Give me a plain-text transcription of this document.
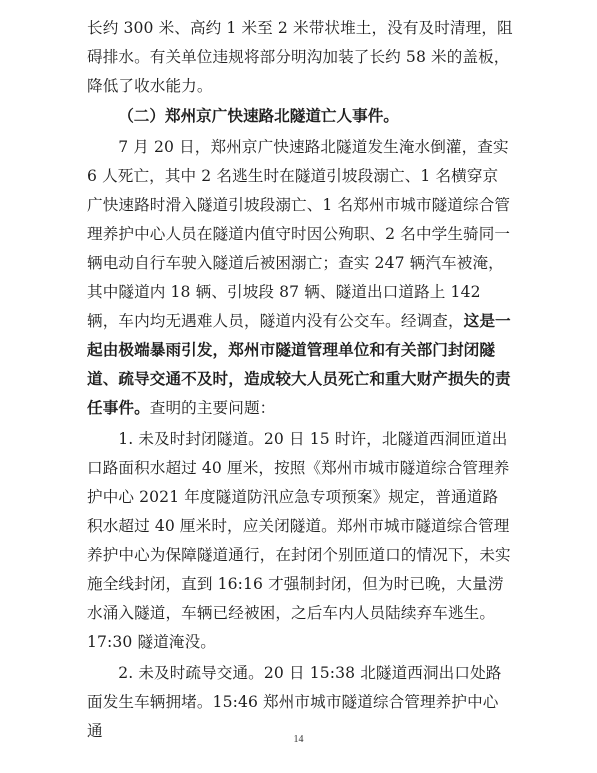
长约 300 米、高约 1 米至 2 米带状堆土，没有及时清理，阻碍排水。有关单位违规将部分明沟加装了长约 58 米的盖板，降低了收水能力。

（二）郑州京广快速路北隧道亡人事件。

7 月 20 日，郑州京广快速路北隧道发生淹水倒灌，查实 6 人死亡，其中 2 名逃生时在隧道引坡段溺亡、1 名横穿京广快速路时滑入隧道引坡段溺亡、1 名郑州市城市隧道综合管理养护中心人员在隧道内值守时因公殉职、2 名中学生骑同一辆电动自行车驶入隧道后被困溺亡；查实 247 辆汽车被淹，其中隧道内 18 辆、引坡段 87 辆、隧道出口道路上 142 辆，车内均无遇难人员，隧道内没有公交车。经调查，这是一起由极端暴雨引发，郑州市隧道管理单位和有关部门封闭隧道、疏导交通不及时，造成较大人员死亡和重大财产损失的责任事件。查明的主要问题：

1. 未及时封闭隧道。20 日 15 时许，北隧道西洞匝道出口路面积水超过 40 厘米，按照《郑州市城市隧道综合管理养护中心 2021 年度隧道防汛应急专项预案》规定，普通道路积水超过 40 厘米时，应关闭隧道。郑州市城市隧道综合管理养护中心为保障隧道通行，在封闭个别匝道口的情况下，未实施全线封闭，直到 16:16 才强制封闭，但为时已晚，大量涝水涌入隧道，车辆已经被困，之后车内人员陆续弃车逃生。17:30 隧道淹没。

2. 未及时疏导交通。20 日 15:38 北隧道西洞出口处路面发生车辆拥堵。15:46 郑州市城市隧道综合管理养护中心通	14
